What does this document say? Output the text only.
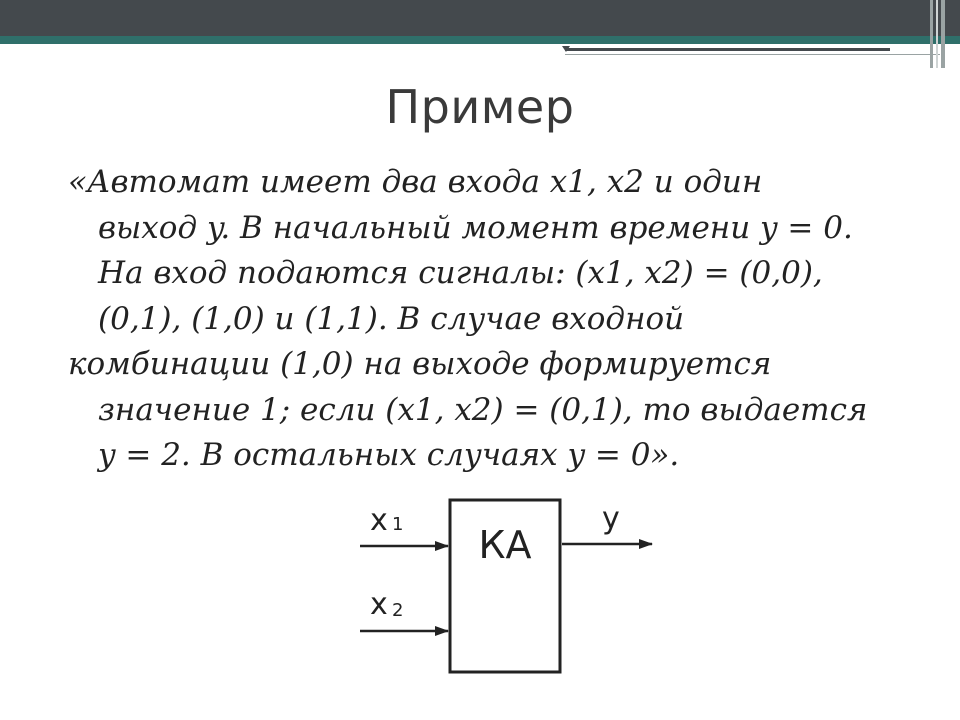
Пример
«Автомат имеет два входа x1, x2 и один
выход y. В начальный момент времени y = 0.
На вход подаются сигналы: (x1, x2) = (0,0),
(0,1), (1,0) и (1,1). В случае входной
комбинации (1,0) на выходе формируется
значение 1; если (x1, x2) = (0,1), то выдается
y = 2. В остальных случаях y = 0».
КА
x 1
x 2
y
